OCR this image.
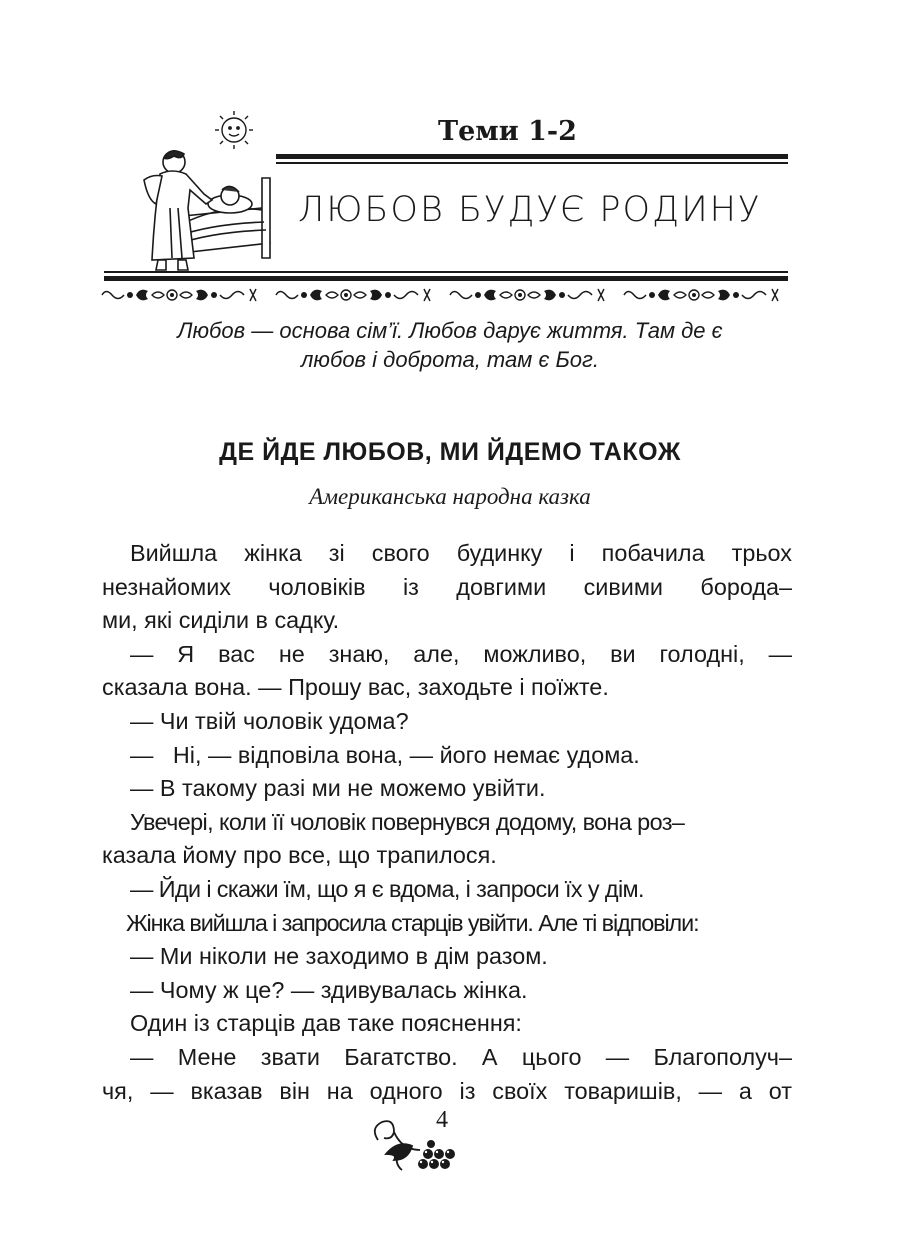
Теми 1-2
ЛЮБОВ БУДУЄ РОДИНУ
Любов — основа сім’ї. Любов дарує життя. Там де є
любов і доброта, там є Бог.
ДЕ ЙДЕ ЛЮБОВ, МИ ЙДЕМО ТАКОЖ
Американська народна казка
Вийшла жінка зі свого будинку і побачила трьох
незнайомих чоловіків із довгими сивими борода–
ми, які сиділи в садку.
— Я вас не знаю, але, можливо, ви голодні, —
сказала вона. — Прошу вас, заходьте і поїжте.
— Чи твій чоловік удома?
—   Ні, — відповіла вона, — його немає удома.
— В такому разі ми не можемо увійти.
Увечері, коли її чоловік повернувся додому, вона роз–
казала йому про все, що трапилося.
— Йди і скажи їм, що я є вдома, і запроси їх у дім.
Жінка вийшла і запросила старців увійти. Але ті відповіли:
— Ми ніколи не заходимо в дім разом.
— Чому ж це? — здивувалась жінка.
Один із старців дав таке пояснення:
— Мене звати Багатство. А цього — Благополуч–
чя, — вказав він на одного із своїх товаришів, — а от
4
